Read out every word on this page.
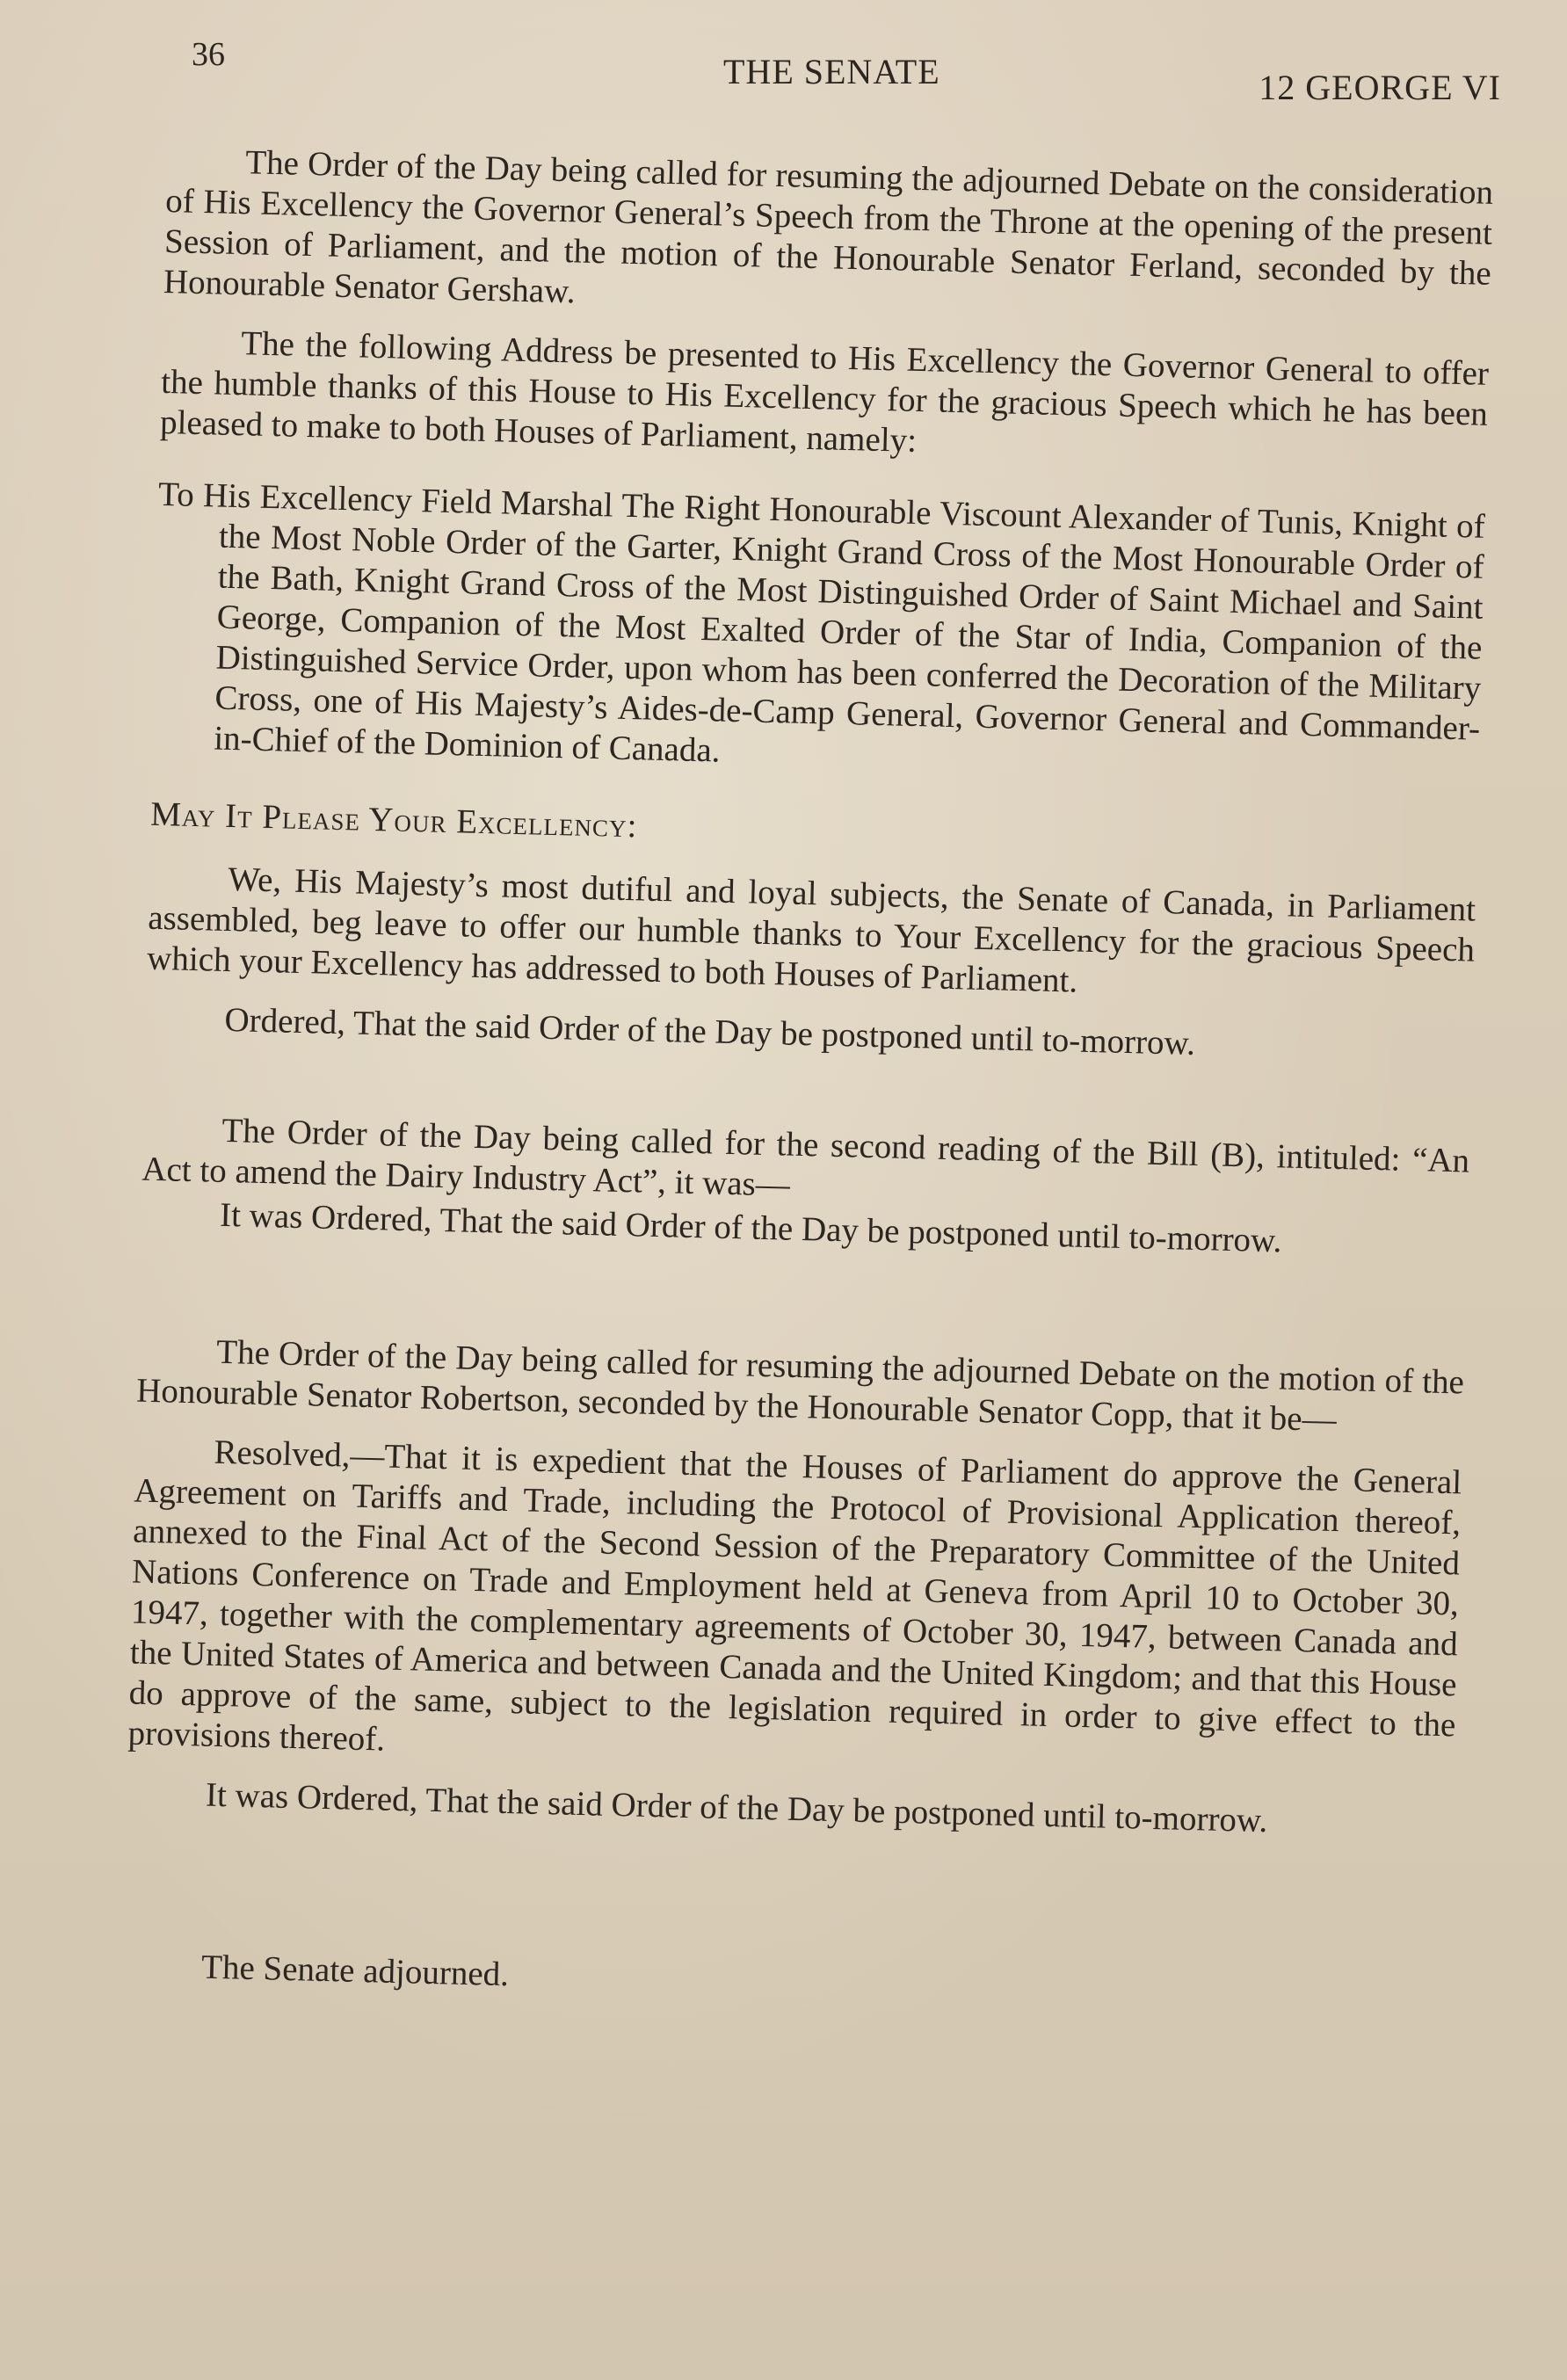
36	THE SENATE	12 GEORGE VI

The Order of the Day being called for resuming the adjourned Debate on the consideration of His Excellency the Governor General’s Speech from the Throne at the opening of the present Session of Parliament, and the motion of the Honourable Senator Ferland, seconded by the Honourable Senator Gershaw.

The the following Address be presented to His Excellency the Governor General to offer the humble thanks of this House to His Excellency for the gracious Speech which he has been pleased to make to both Houses of Parliament, namely:

To His Excellency Field Marshal The Right Honourable Viscount Alexander of Tunis, Knight of the Most Noble Order of the Garter, Knight Grand Cross of the Most Honourable Order of the Bath, Knight Grand Cross of the Most Distinguished Order of Saint Michael and Saint George, Companion of the Most Exalted Order of the Star of India, Companion of the Distinguished Service Order, upon whom has been conferred the Decoration of the Military Cross, one of His Majesty’s Aides-de-Camp General, Governor General and Commander-in-Chief of the Dominion of Canada.

May It Please Your Excellency:

We, His Majesty’s most dutiful and loyal subjects, the Senate of Canada, in Parliament assembled, beg leave to offer our humble thanks to Your Excellency for the gracious Speech which your Excellency has addressed to both Houses of Parliament.

Ordered, That the said Order of the Day be postponed until to-morrow.

The Order of the Day being called for the second reading of the Bill (B), intituled: “An Act to amend the Dairy Industry Act”, it was—

It was Ordered, That the said Order of the Day be postponed until to-morrow.

The Order of the Day being called for resuming the adjourned Debate on the motion of the Honourable Senator Robertson, seconded by the Honourable Senator Copp, that it be—

Resolved,—That it is expedient that the Houses of Parliament do approve the General Agreement on Tariffs and Trade, including the Protocol of Provisional Application thereof, annexed to the Final Act of the Second Session of the Preparatory Committee of the United Nations Conference on Trade and Employment held at Geneva from April 10 to October 30, 1947, together with the complementary agreements of October 30, 1947, between Canada and the United States of America and between Canada and the United Kingdom; and that this House do approve of the same, subject to the legislation required in order to give effect to the provisions thereof.

It was Ordered, That the said Order of the Day be postponed until to-morrow.

The Senate adjourned.
